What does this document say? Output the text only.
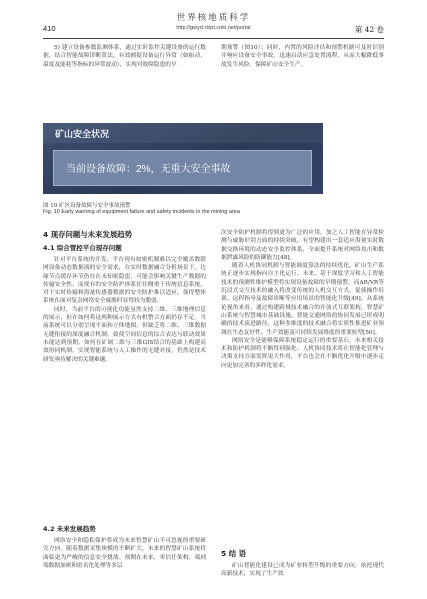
世界核地质科学
410	http://gwyd.cbpt.cnki.net/portal	第 42 卷

5) 建立设备参数监测体系，通过实时监控关键设备的运行数据，结合智能故障诊断算法，有效捕捉设备运行异常（如振动、温度及能耗等指标的异常波动），实现对故障隐患的早

期预警（图10）；同时，内置的风险评估和预警机制可及时识别并响应设备安全事故，迅速启动应急处置流程，从而大幅降低事故发生风险，保障矿山安全生产。

矿山安全状况
当前设备故障：2%，无重大安全事故
图 10 矿区设备故障与安全事故预警
Fig. 10 Early warning of equipment failure and safety incidents in the mining area
4 现存问题与未来发展趋势
4.1 综合管控平台现存问题

针对平台系统的开发，平台现有如密机制难以完全覆盖数联网设备动态数据流的安全需求，在实时数据融合分析场景下，边缘节点缓存环节仍存在未知密隐患，可能会影响关键生产数据的传输安全性。而现有的安全防护体系往往侧重于传统信息系统，对于实时传输和海量传感器数据的安全防护难以适应，使得整体系统在面对复杂网络安全威胁时显得较为脆弱。

同时，当前平台的可视化功能虽然支持二维、三维地理信息的展示，但在如何将这两种展示方式有机整合方面仍存不足。当前系统可以分别呈现平面和立体地图，但缺乏将二维、三维数据无缝衔接的深度融合机制，致使空间信息的综合表达与联动效果未能达到预期。如何在矿调二维与三维GIS结合的基础上构建高效协同机制，实现智能系统与人工操作的无缝对接，仍然是技术研发亟待解决的关键难题。

4.2 未来发展趋势

网络安全和隐私保护将成为未来智慧矿山不可忽视的重要研究方向。随着数据采集规模的不断扩大，未来的智慧矿山系统将面临更为严峻的信息安全挑战。预期在未来，零信任架构、端到端数据加密和匿名化处理等多层

次安全防护机制将得到更为广泛的应用，加之人工智能在异常检测与威胁识别方面的持续突破，有望构建出一套适应海量实时数据交换环境的动态安全监控体系，全面提升系统对网络攻击和数据泄露风险的防御能力[48]。

随着人机协同机制与智能调度算法的持续优化，矿山生产系统正逐步实现指向自主化运行。未来，基于深度学习和人工智能技术的预测性维护模型将实现设备故障的早期预警，而AR/VR等沉浸式交互技术的融入将改变传统的人机交互方式，促使操作培训、远程指导及故障诊断等应用场景的智能化升级[49]。从系统论视角来看，通过构建跨域技术融合的开放式互联架构，智慧矿山系统与智慧城市基础设施、智能交通网络的协同发展已形成明确的技术演进路径，这种多维度的技术融合将实质性推进矿业领域在生态友好性、生产效能及可持续发展维度的重要转型[50]。

网络安全是能够保障系统稳定运行的重要基石，未来相关技术和防护机制将不断得到强化；人机协同技术将在智能化管理与决策支持方面发挥更大作用，平台也会在不断优化升级中逐步走向更加完善的多样化需求。

5 结 语

矿山智能化建设已成为矿业转型升级的重要方向，依托现代高新技术，实现了生产效
